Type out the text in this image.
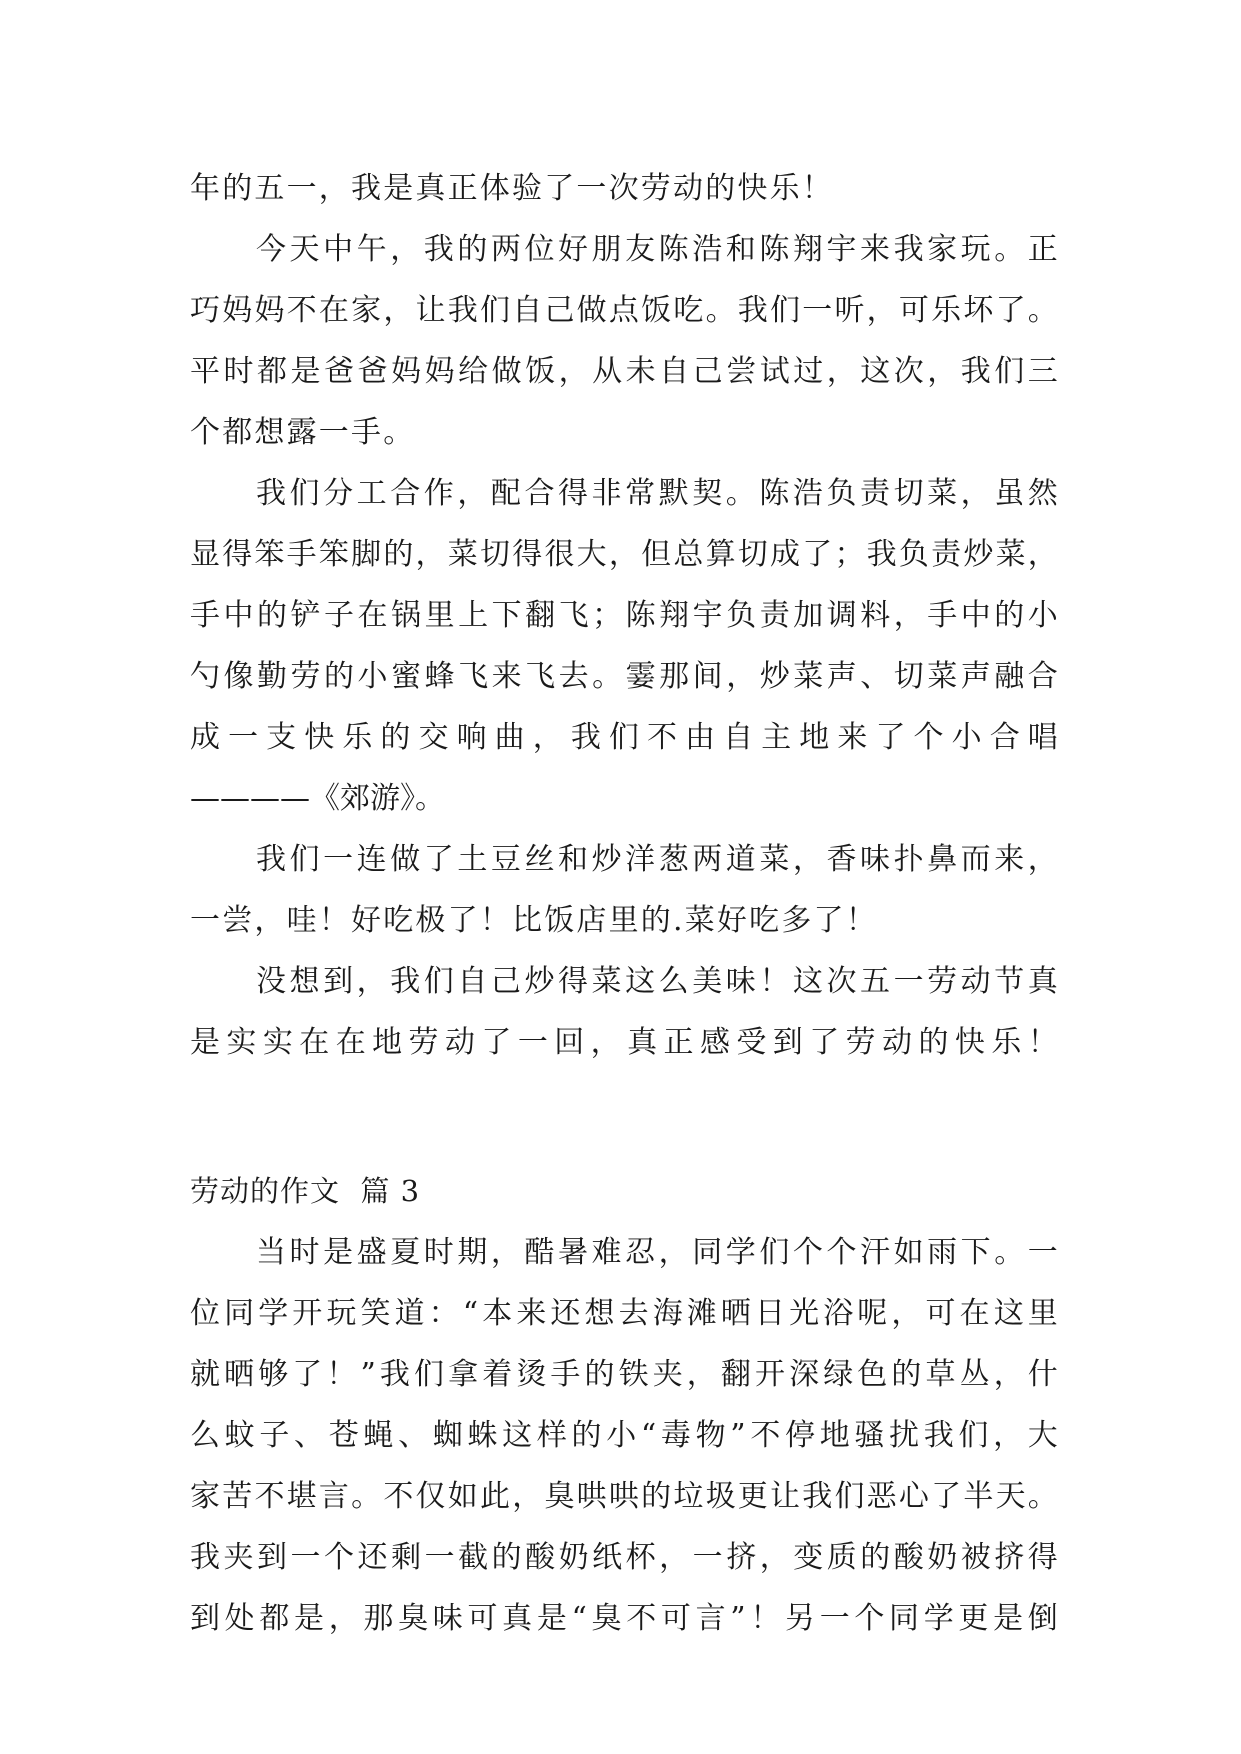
年的五一，我是真正体验了一次劳动的快乐！
今天中午，我的两位好朋友陈浩和陈翔宇来我家玩。正
巧妈妈不在家，让我们自己做点饭吃。我们一听，可乐坏了。
平时都是爸爸妈妈给做饭，从未自己尝试过，这次，我们三
个都想露一手。
我们分工合作，配合得非常默契。陈浩负责切菜，虽然
显得笨手笨脚的，菜切得很大，但总算切成了；我负责炒菜，
手中的铲子在锅里上下翻飞；陈翔宇负责加调料，手中的小
勺像勤劳的小蜜蜂飞来飞去。霎那间，炒菜声、切菜声融合
成一支快乐的交响曲，我们不由自主地来了个小合唱
————《郊游》。
我们一连做了土豆丝和炒洋葱两道菜，香味扑鼻而来，
一尝，哇！好吃极了！比饭店里的.菜好吃多了！
没想到，我们自己炒得菜这么美味！这次五一劳动节真
是实实在在地劳动了一回，真正感受到了劳动的快乐！
劳动的作文  篇 3
当时是盛夏时期，酷暑难忍，同学们个个汗如雨下。一
位同学开玩笑道：“本来还想去海滩晒日光浴呢，可在这里
就晒够了！”我们拿着烫手的铁夹，翻开深绿色的草丛，什
么蚊子、苍蝇、蜘蛛这样的小“毒物”不停地骚扰我们，大
家苦不堪言。不仅如此，臭哄哄的垃圾更让我们恶心了半天。
我夹到一个还剩一截的酸奶纸杯，一挤，变质的酸奶被挤得
到处都是，那臭味可真是“臭不可言”！另一个同学更是倒
